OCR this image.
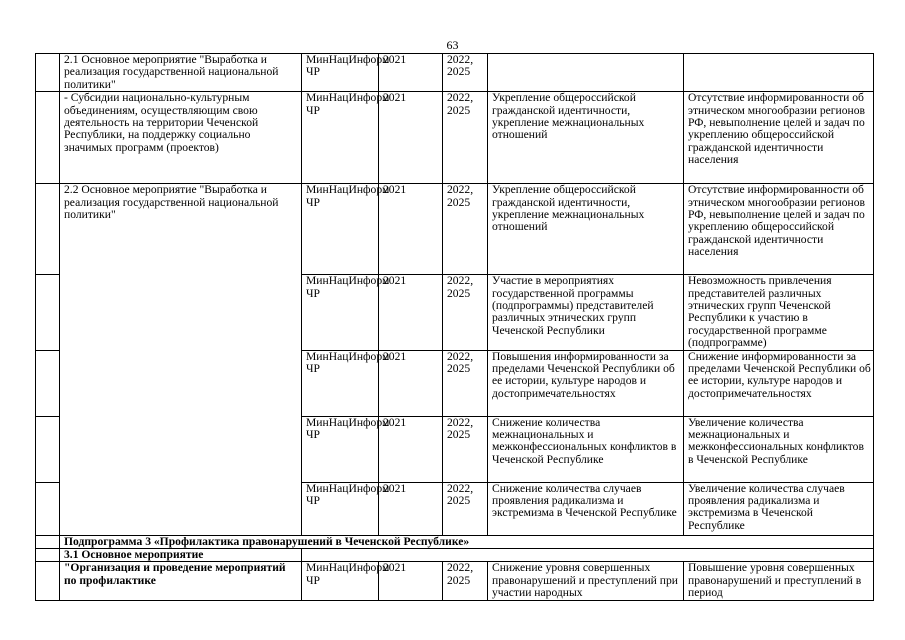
63
	2.1 Основное мероприятие "Выработка и реализация государственной национальной политики"	МинНацИнформ ЧР	2021	2022, 2025		
	- Субсидии национально-культурным объединениям, осуществляющим свою деятельность на территории Чеченской Республики, на поддержку социально значимых программ (проектов)	МинНацИнформ ЧР	2021	2022, 2025	Укрепление общероссийской гражданской идентичности, укрепление межнациональных отношений	Отсутствие информированности об этническом многообразии регионов РФ, невыполнение целей и задач по укреплению общероссийской гражданской идентичности населения
	2.2 Основное мероприятие "Выработка и реализация государственной национальной политики"	МинНацИнформ ЧР	2021	2022, 2025	Укрепление общероссийской гражданской идентичности, укрепление межнациональных отношений	Отсутствие информированности об этническом многообразии регионов РФ, невыполнение целей и задач по укреплению общероссийской гражданской идентичности населения
		МинНацИнформ ЧР	2021	2022, 2025	Участие в мероприятиях государственной программы (подпрограммы) представителей различных этнических групп Чеченской Республики	Невозможность привлечения представителей различных этнических групп Чеченской Республики к участию в государственной программе (подпрограмме)
		МинНацИнформ ЧР	2021	2022, 2025	Повышения информированности за пределами Чеченской Республики об ее истории, культуре народов и достопримечательностях	Снижение информированности за пределами Чеченской Республики об ее истории, культуре народов и достопримечательностях
		МинНацИнформ ЧР	2021	2022, 2025	Снижение количества межнациональных и межконфессиональных конфликтов в Чеченской Республике	Увеличение количества межнациональных и межконфессиональных конфликтов в Чеченской Республике
		МинНацИнформ ЧР	2021	2022, 2025	Снижение количества случаев проявления радикализма и экстремизма в Чеченской Республике	Увеличение количества случаев проявления радикализма и экстремизма в Чеченской Республике
	Подпрограмма 3 «Профилактика правонарушений в Чеченской Республике»					
	3.1 Основное мероприятие					
	"Организация и проведение мероприятий по профилактике	МинНацИнформ ЧР	2021	2022, 2025	Снижение уровня совершенных правонарушений и преступлений при участии народных	Повышение уровня совершенных правонарушений и преступлений в период
